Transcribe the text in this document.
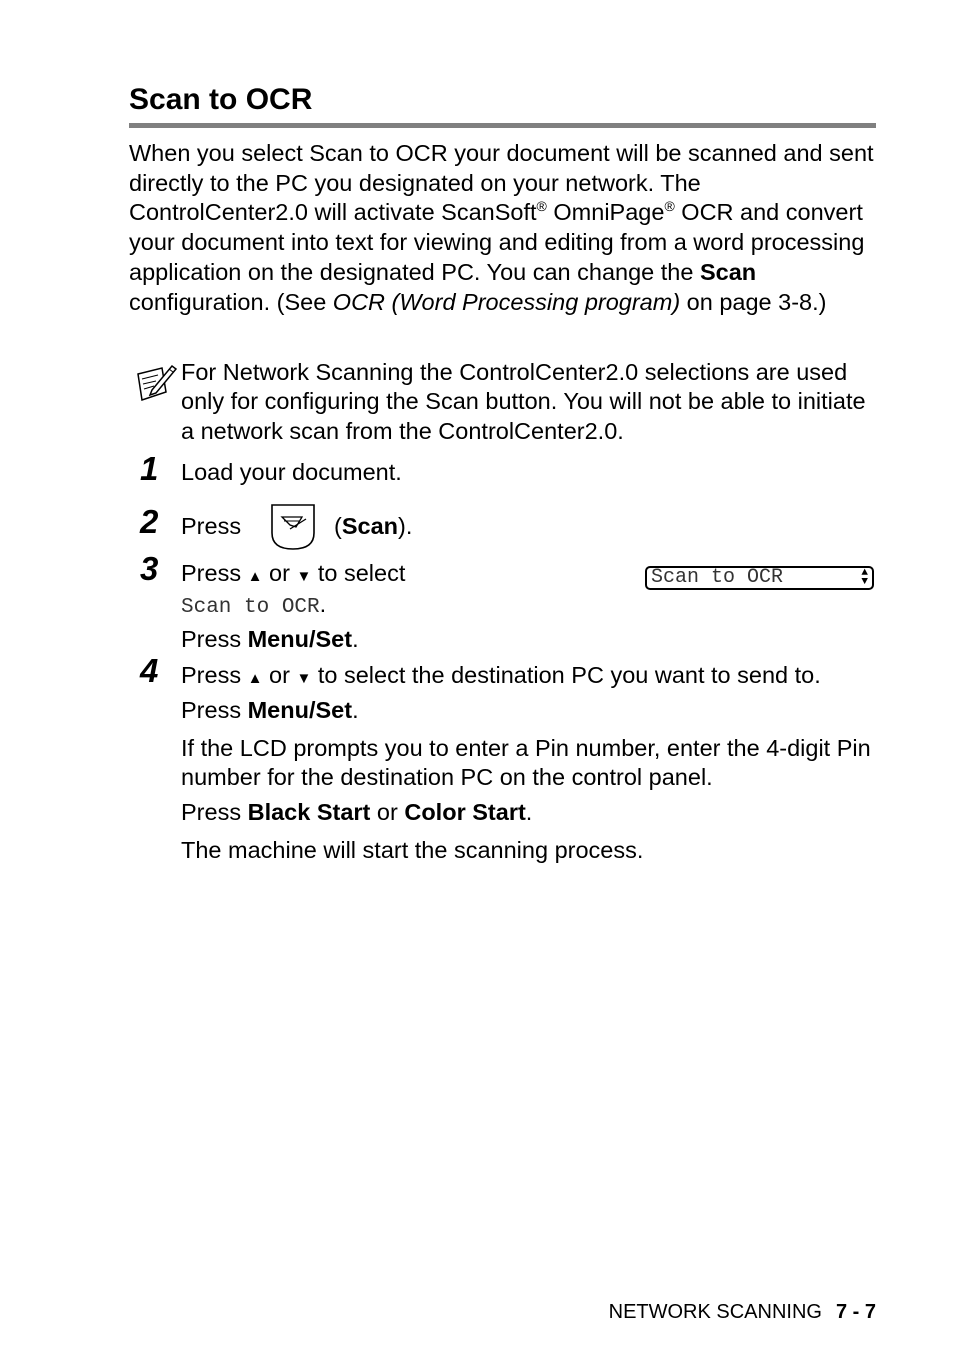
Scan to OCR
When you select Scan to OCR your document will be scanned and sent directly to the PC you designated on your network. The ControlCenter2.0 will activate ScanSoft® OmniPage® OCR and convert your document into text for viewing and editing from a word processing application on the designated PC. You can change the Scan configuration. (See OCR (Word Processing program) on page 3-8.)
For Network Scanning the ControlCenter2.0 selections are used only for configuring the Scan button. You will not be able to initiate a network scan from the ControlCenter2.0.
1 Load your document.
2 Press	(Scan).
3 Press ▲ or ▼ to select
Scan to OCR.
Press Menu/Set.
Scan to OCR	▲
▼
4 Press ▲ or ▼ to select the destination PC you want to send to.
Press Menu/Set.
If the LCD prompts you to enter a Pin number, enter the 4-digit Pin number for the destination PC on the control panel.
Press Black Start or Color Start.
The machine will start the scanning process.
NETWORK SCANNING 7 - 7
